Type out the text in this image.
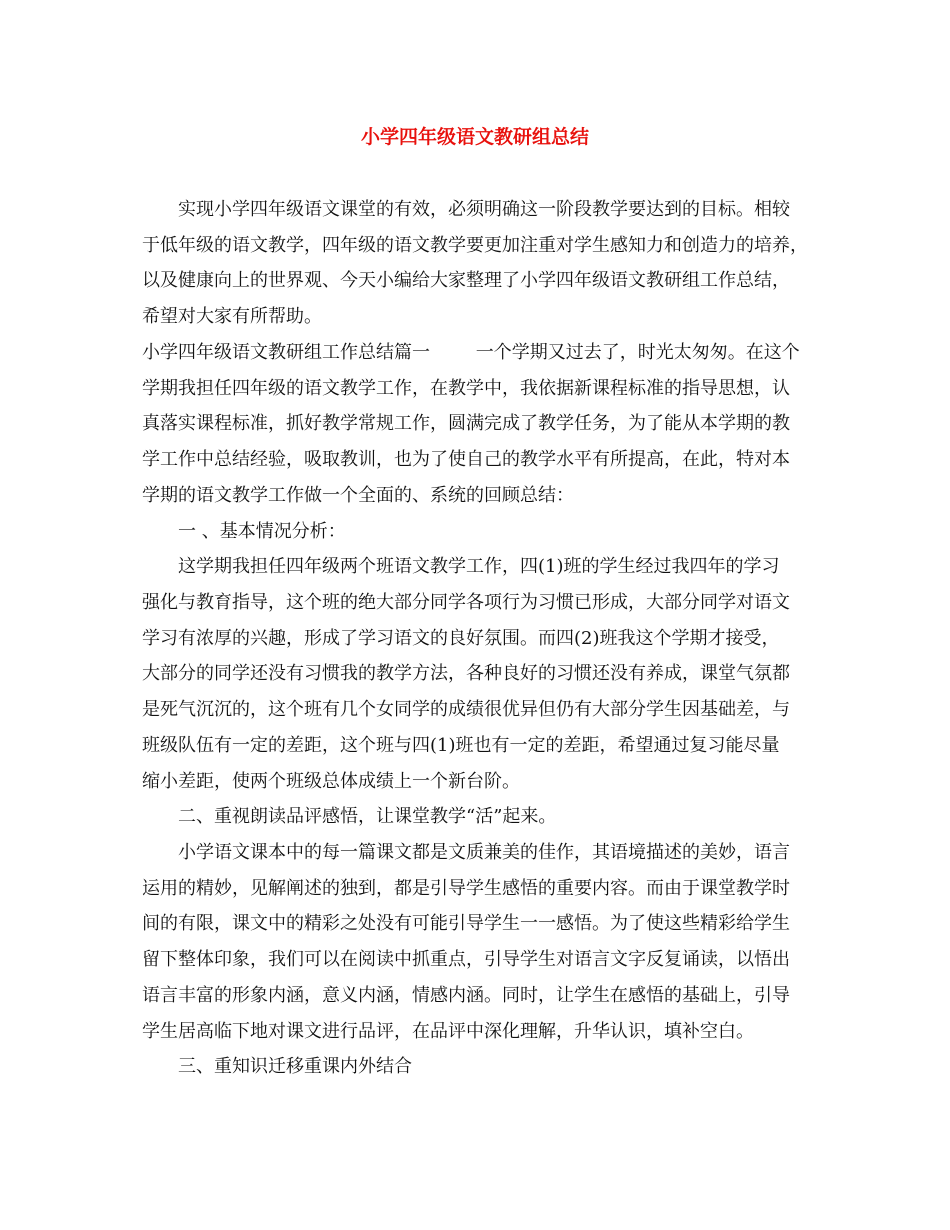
小学四年级语文教研组总结

实现小学四年级语文课堂的有效，必须明确这一阶段教学要达到的目标。相较

于低年级的语文教学，四年级的语文教学要更加注重对学生感知力和创造力的培养，

以及健康向上的世界观、今天小编给大家整理了小学四年级语文教研组工作总结，

希望对大家有所帮助。

小学四年级语文教研组工作总结篇一        一个学期又过去了，时光太匆匆。在这个

学期我担任四年级的语文教学工作，在教学中，我依据新课程标准的指导思想，认

真落实课程标准，抓好教学常规工作，圆满完成了教学任务，为了能从本学期的教

学工作中总结经验，吸取教训，也为了使自己的教学水平有所提高，在此，特对本

学期的语文教学工作做一个全面的、系统的回顾总结：

一 、基本情况分析：

这学期我担任四年级两个班语文教学工作，四(1)班的学生经过我四年的学习

强化与教育指导，这个班的绝大部分同学各项行为习惯已形成，大部分同学对语文

学习有浓厚的兴趣，形成了学习语文的良好氛围。而四(2)班我这个学期才接受，

大部分的同学还没有习惯我的教学方法，各种良好的习惯还没有养成，课堂气氛都

是死气沉沉的，这个班有几个女同学的成绩很优异但仍有大部分学生因基础差，与

班级队伍有一定的差距，这个班与四(1)班也有一定的差距，希望通过复习能尽量

缩小差距，使两个班级总体成绩上一个新台阶。

二、重视朗读品评感悟，让课堂教学“活”起来。

小学语文课本中的每一篇课文都是文质兼美的佳作，其语境描述的美妙，语言

运用的精妙，见解阐述的独到，都是引导学生感悟的重要内容。而由于课堂教学时

间的有限，课文中的精彩之处没有可能引导学生一一感悟。为了使这些精彩给学生

留下整体印象，我们可以在阅读中抓重点，引导学生对语言文字反复诵读，以悟出

语言丰富的形象内涵，意义内涵，情感内涵。同时，让学生在感悟的基础上，引导

学生居高临下地对课文进行品评，在品评中深化理解，升华认识，填补空白。

三、重知识迁移重课内外结合
